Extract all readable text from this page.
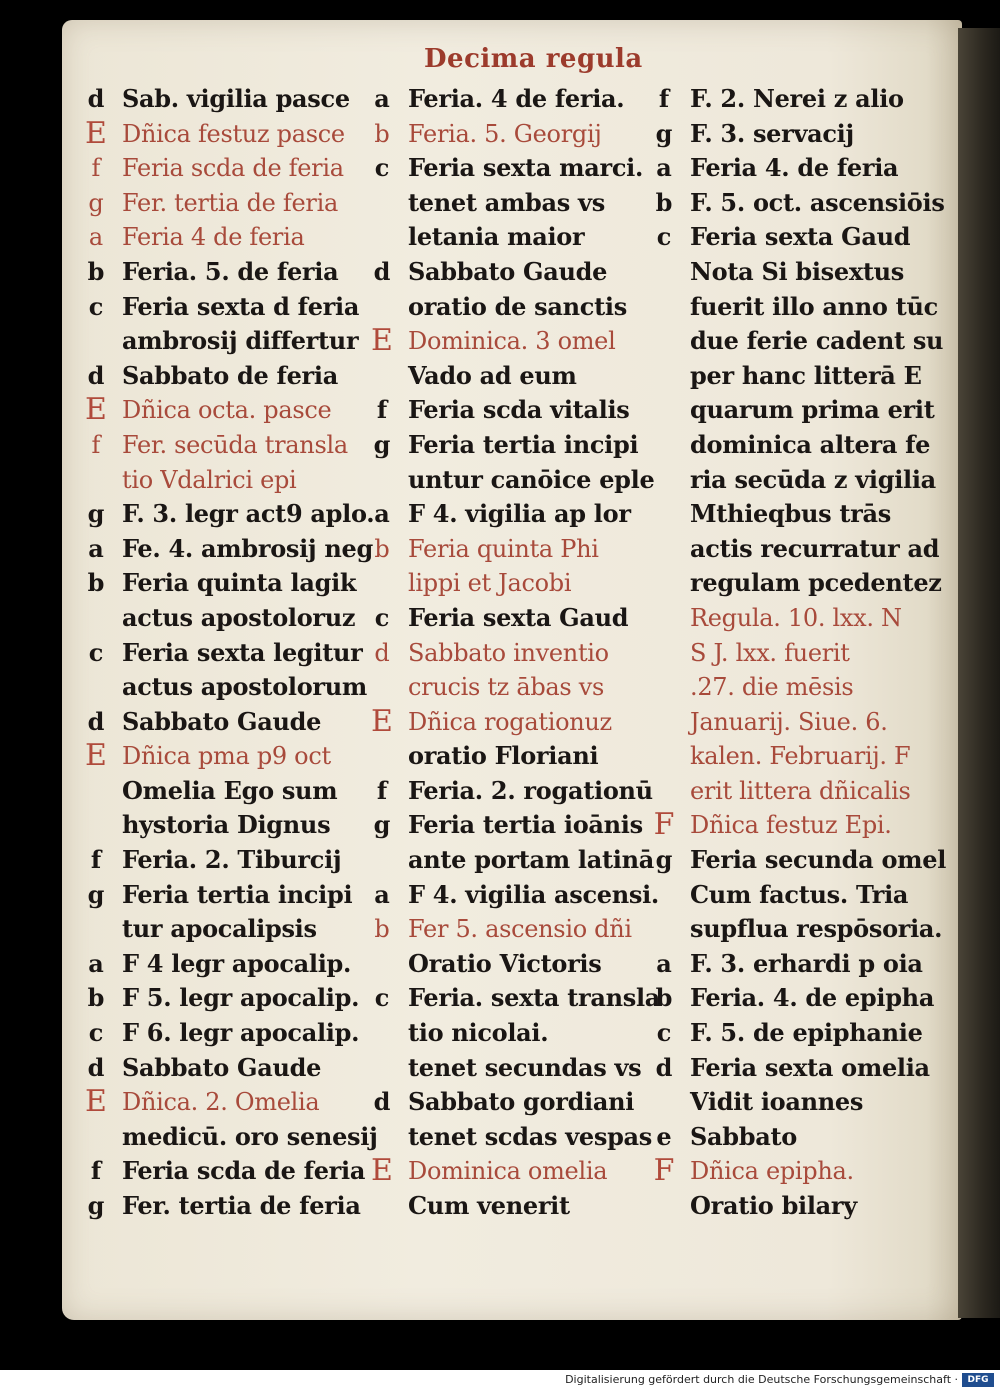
Decima regula
d Sab. vigilia pasce
E Dñica festuz pasce
f Feria scda de feria
g Fer. tertia de feria
a Feria 4 de feria
b Feria. 5. de feria
c Feria sexta d feria
ambrosij differtur
d Sabbato de feria
E Dñica octa. pasce
f Fer. secūda transla
tio Vdalrici epi
g F. 3. legr act9 aplo.
a Fe. 4. ambrosij neg
b Feria quinta lagik
actus apostoloruz
c Feria sexta legitur
actus apostolorum
d Sabbato Gaude
E Dñica pma p9 oct
Omelia Ego sum
hystoria Dignus
f Feria. 2. Tiburcij
g Feria tertia incipi
tur apocalipsis
a F 4 legr apocalip.
b F 5. legr apocalip.
c F 6. legr apocalip.
d Sabbato Gaude
E Dñica. 2. Omelia
medicū. oro senesij
f Feria scda de feria
g Fer. tertia de feria
a Feria. 4 de feria.
b Feria. 5. Georgij
c Feria sexta marci.
tenet ambas vs
letania maior
d Sabbato Gaude
oratio de sanctis
E Dominica. 3 omel
Vado ad eum
f Feria scda vitalis
g Feria tertia incipi
untur canōice eple
a F 4. vigilia ap lor
b Feria quinta Phi
lippi et Jacobi
c Feria sexta Gaud
d Sabbato inventio
crucis tz ābas vs
E Dñica rogationuz
oratio Floriani
f Feria. 2. rogationū
g Feria tertia ioānis
ante portam latinā
a F 4. vigilia ascensi.
b Fer 5. ascensio dñi
Oratio Victoris
c Feria. sexta transla
tio nicolai.
tenet secundas vs
d Sabbato gordiani
tenet scdas vespas
E Dominica omelia
Cum venerit
f F. 2. Nerei z alio
g F. 3. servacij
a Feria 4. de feria
b F. 5. oct. ascensiōis
c Feria sexta Gaud
Nota Si bisextus
fuerit illo anno tūc
due ferie cadent su
per hanc litterā E
quarum prima erit
dominica altera fe
ria secūda z vigilia
Mthieqbus trās
actis recurratur ad
regulam pcedentez
Regula. 10. lxx. N
S J. lxx. fuerit
.27. die mēsis
Januarij. Siue. 6.
kalen. Februarij. F
erit littera dñicalis
F Dñica festuz Epi.
g Feria secunda omel
Cum factus. Tria
supflua respōsoria.
a F. 3. erhardi p oia
b Feria. 4. de epipha
c F. 5. de epiphanie
d Feria sexta omelia
Vidit ioannes
e Sabbato
F Dñica epipha.
Oratio bilary
Digitalisierung gefördert durch die Deutsche Forschungsgemeinschaft ·	DFG
